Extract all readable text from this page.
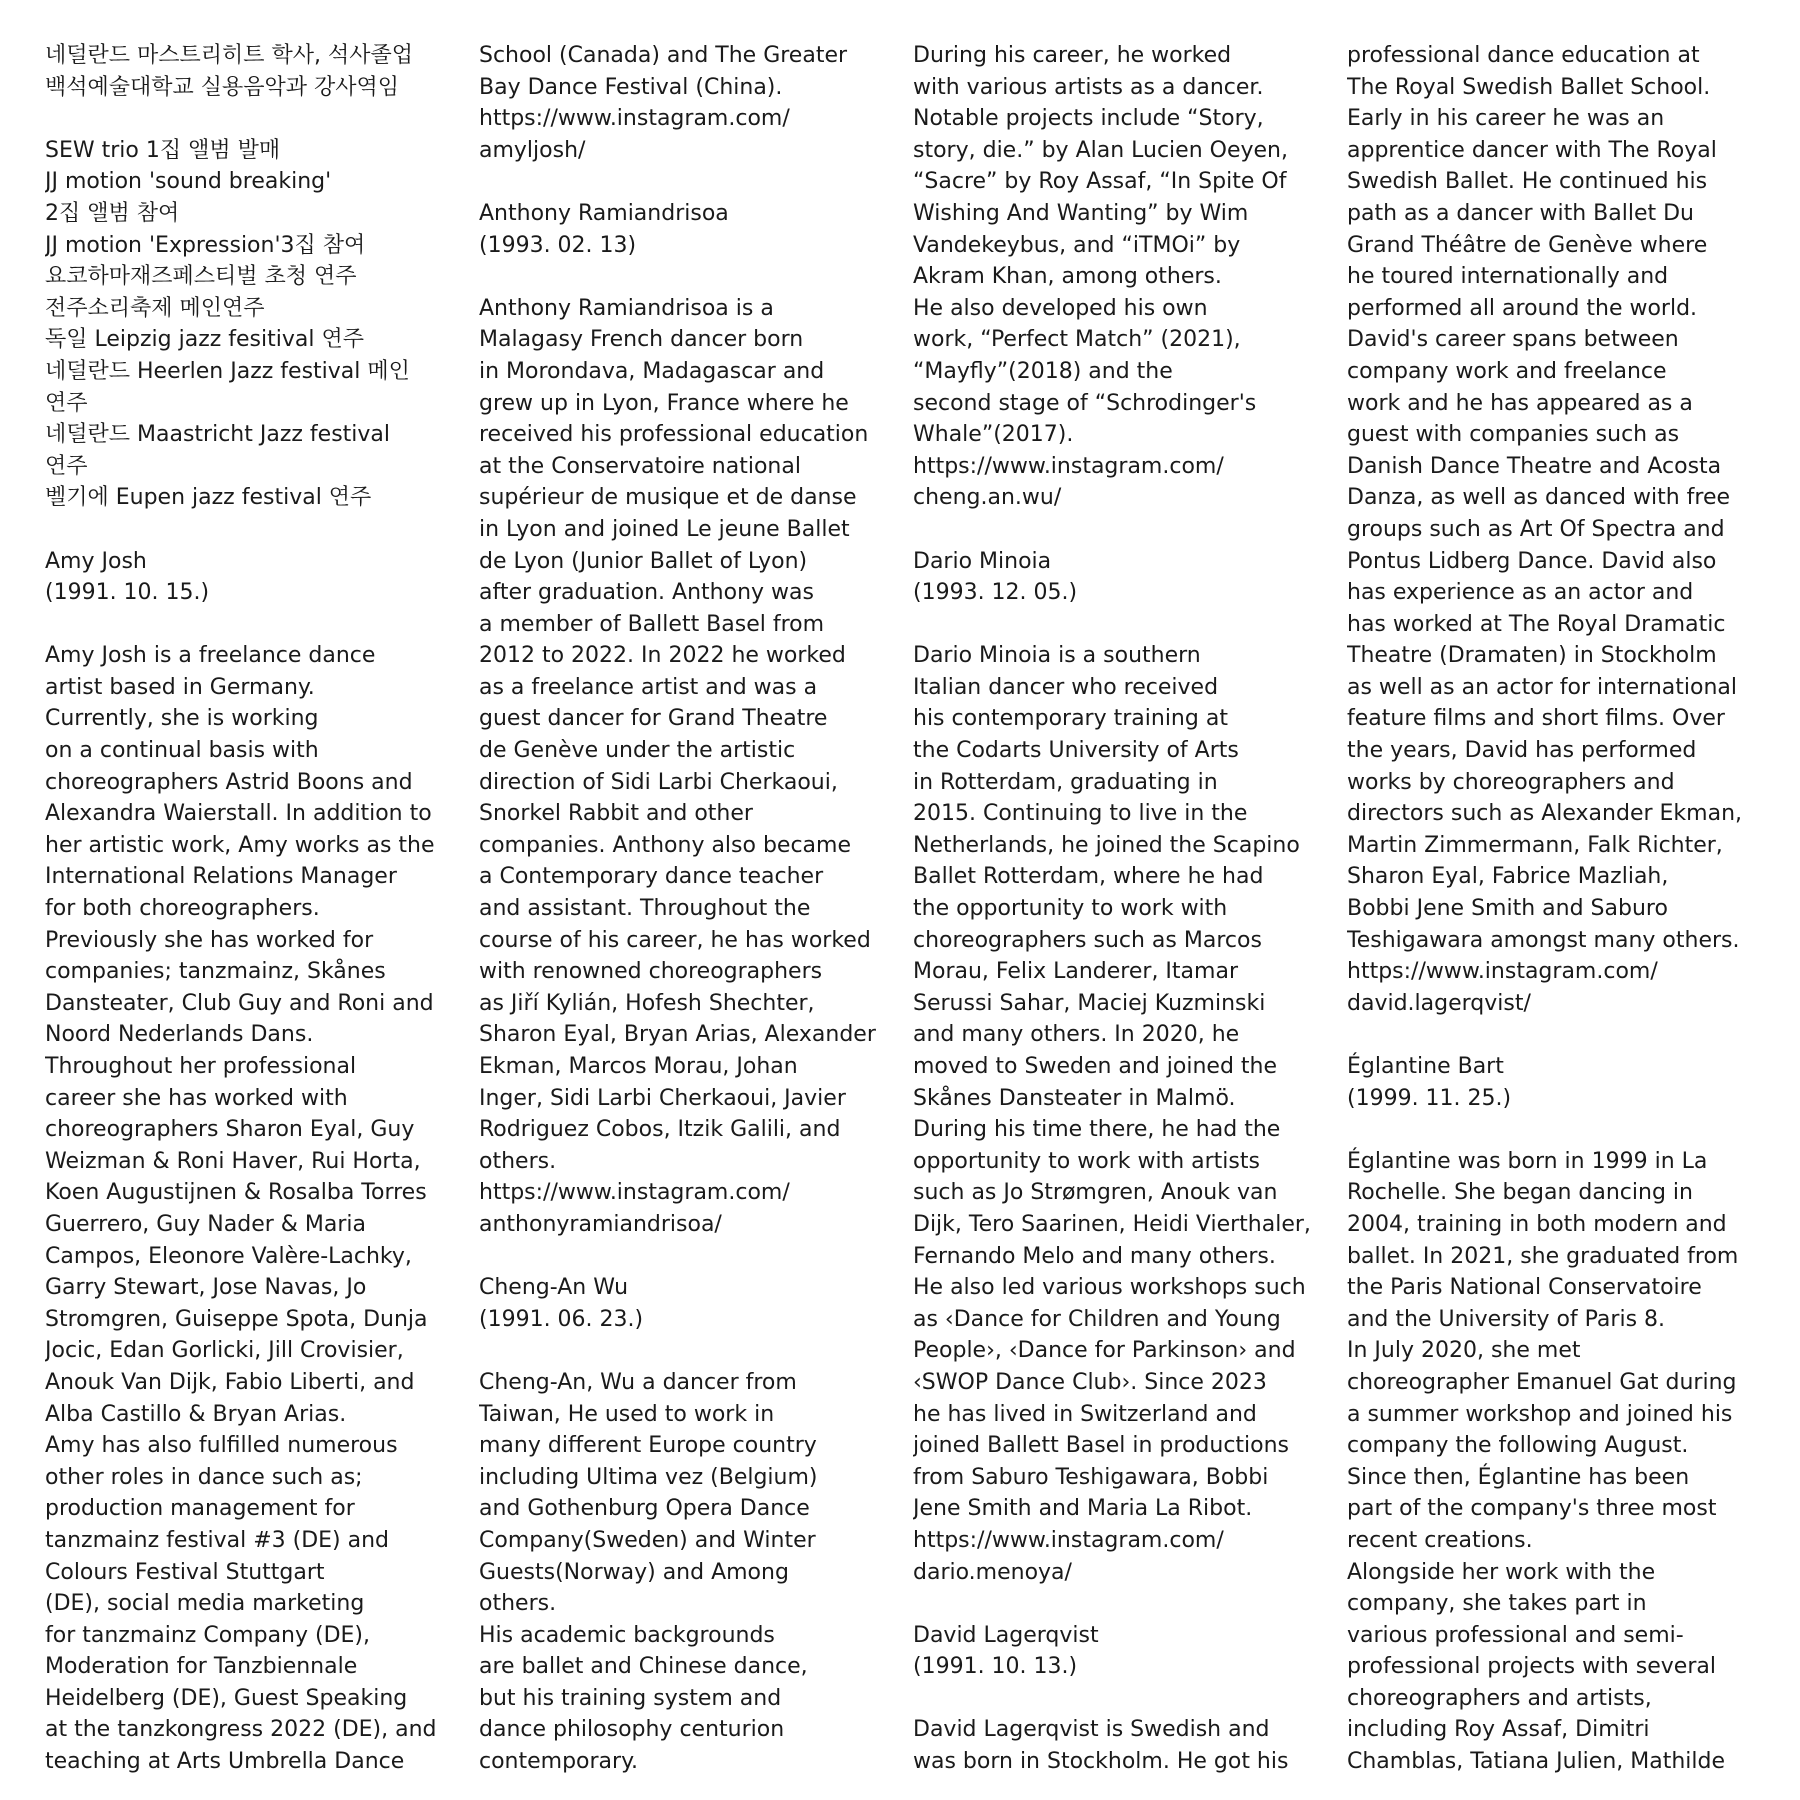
네덜란드 마스트리히트 학사, 석사졸업
백석예술대학교 실용음악과 강사역임

SEW trio 1집 앨범 발매
JJ motion 'sound breaking'
2집 앨범 참여
JJ motion 'Expression'3집 참여
요코하마재즈페스티벌 초청 연주
전주소리축제 메인연주
독일 Leipzig jazz fesitival 연주
네덜란드 Heerlen Jazz festival 메인
연주
네덜란드 Maastricht Jazz festival
연주
벨기에 Eupen jazz festival 연주

Amy Josh
(1991. 10. 15.)

Amy Josh is a freelance dance
artist based in Germany.
Currently, she is working
on a continual basis with
choreographers Astrid Boons and
Alexandra Waierstall. In addition to
her artistic work, Amy works as the
International Relations Manager
for both choreographers.
Previously she has worked for
companies; tanzmainz, Skånes
Dansteater, Club Guy and Roni and
Noord Nederlands Dans.
Throughout her professional
career she has worked with
choreographers Sharon Eyal, Guy
Weizman & Roni Haver, Rui Horta,
Koen Augustijnen & Rosalba Torres
Guerrero, Guy Nader & Maria
Campos, Eleonore Valère-Lachky,
Garry Stewart, Jose Navas, Jo
Stromgren, Guiseppe Spota, Dunja
Jocic, Edan Gorlicki, Jill Crovisier,
Anouk Van Dijk, Fabio Liberti, and
Alba Castillo & Bryan Arias.
Amy has also fulfilled numerous
other roles in dance such as;
production management for
tanzmainz festival #3 (DE) and
Colours Festival Stuttgart
(DE), social media marketing
for tanzmainz Company (DE),
Moderation for Tanzbiennale
Heidelberg (DE), Guest Speaking
at the tanzkongress 2022 (DE), and
teaching at Arts Umbrella Dance

School (Canada) and The Greater
Bay Dance Festival (China).
https://www.instagram.com/
amyljosh/

Anthony Ramiandrisoa
(1993. 02. 13)

Anthony Ramiandrisoa is a
Malagasy French dancer born
in Morondava, Madagascar and
grew up in Lyon, France where he
received his professional education
at the Conservatoire national
supérieur de musique et de danse
in Lyon and joined Le jeune Ballet
de Lyon (Junior Ballet of Lyon)
after graduation. Anthony was
a member of Ballett Basel from
2012 to 2022. In 2022 he worked
as a freelance artist and was a
guest dancer for Grand Theatre
de Genève under the artistic
direction of Sidi Larbi Cherkaoui,
Snorkel Rabbit and other
companies. Anthony also became
a Contemporary dance teacher
and assistant. Throughout the
course of his career, he has worked
with renowned choreographers
as Jiří Kylián, Hofesh Shechter,
Sharon Eyal, Bryan Arias, Alexander
Ekman, Marcos Morau, Johan
Inger, Sidi Larbi Cherkaoui, Javier
Rodriguez Cobos, Itzik Galili, and
others.
https://www.instagram.com/
anthonyramiandrisoa/

Cheng-An Wu
(1991. 06. 23.)

Cheng-An, Wu a dancer from
Taiwan, He used to work in
many different Europe country
including Ultima vez (Belgium)
and Gothenburg Opera Dance
Company(Sweden) and Winter
Guests(Norway) and Among
others.
His academic backgrounds
are ballet and Chinese dance,
but his training system and
dance philosophy centurion
contemporary.

During his career, he worked
with various artists as a dancer.
Notable projects include “Story,
story, die.” by Alan Lucien Oeyen,
“Sacre” by Roy Assaf, “In Spite Of
Wishing And Wanting” by Wim
Vandekeybus, and “iTMOi” by
Akram Khan, among others.
He also developed his own
work, “Perfect Match” (2021),
“Mayfly”(2018) and the
second stage of “Schrodinger's
Whale”(2017).
https://www.instagram.com/
cheng.an.wu/

Dario Minoia
(1993. 12. 05.)

Dario Minoia is a southern
Italian dancer who received
his contemporary training at
the Codarts University of Arts
in Rotterdam, graduating in
2015. Continuing to live in the
Netherlands, he joined the Scapino
Ballet Rotterdam, where he had
the opportunity to work with
choreographers such as Marcos
Morau, Felix Landerer, Itamar
Serussi Sahar, Maciej Kuzminski
and many others. In 2020, he
moved to Sweden and joined the
Skånes Dansteater in Malmö.
During his time there, he had the
opportunity to work with artists
such as Jo Strømgren, Anouk van
Dijk, Tero Saarinen, Heidi Vierthaler,
Fernando Melo and many others.
He also led various workshops such
as ‹Dance for Children and Young
People›, ‹Dance for Parkinson› and
‹SWOP Dance Club›. Since 2023
he has lived in Switzerland and
joined Ballett Basel in productions
from Saburo Teshigawara, Bobbi
Jene Smith and Maria La Ribot.
https://www.instagram.com/
dario.menoya/

David Lagerqvist
(1991. 10. 13.)

David Lagerqvist is Swedish and
was born in Stockholm. He got his

professional dance education at
The Royal Swedish Ballet School.
Early in his career he was an
apprentice dancer with The Royal
Swedish Ballet. He continued his
path as a dancer with Ballet Du
Grand Théâtre de Genève where
he toured internationally and
performed all around the world.
David's career spans between
company work and freelance
work and he has appeared as a
guest with companies such as
Danish Dance Theatre and Acosta
Danza, as well as danced with free
groups such as Art Of Spectra and
Pontus Lidberg Dance. David also
has experience as an actor and
has worked at The Royal Dramatic
Theatre (Dramaten) in Stockholm
as well as an actor for international
feature films and short films. Over
the years, David has performed
works by choreographers and
directors such as Alexander Ekman,
Martin Zimmermann, Falk Richter,
Sharon Eyal, Fabrice Mazliah,
Bobbi Jene Smith and Saburo
Teshigawara amongst many others.
https://www.instagram.com/
david.lagerqvist/

Églantine Bart
(1999. 11. 25.)

Églantine was born in 1999 in La
Rochelle. She began dancing in
2004, training in both modern and
ballet. In 2021, she graduated from
the Paris National Conservatoire
and the University of Paris 8.
In July 2020, she met
choreographer Emanuel Gat during
a summer workshop and joined his
company the following August.
Since then, Églantine has been
part of the company's three most
recent creations.
Alongside her work with the
company, she takes part in
various professional and semi-
professional projects with several
choreographers and artists,
including Roy Assaf, Dimitri
Chamblas, Tatiana Julien, Mathilde
